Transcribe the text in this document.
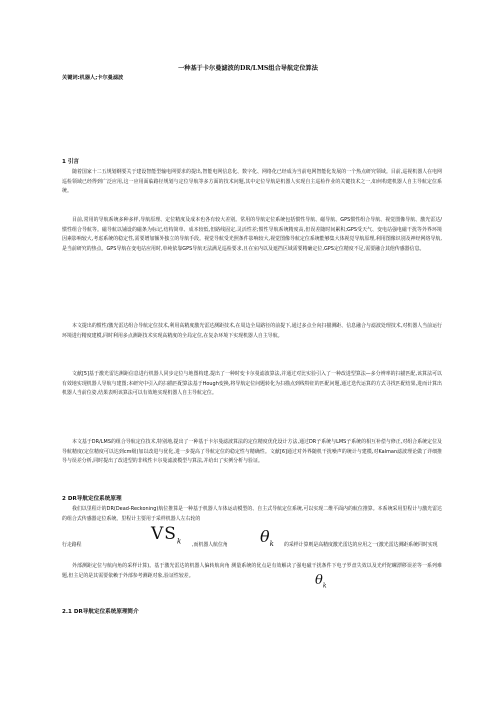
一种基于卡尔曼滤波的DR/LMS组合导航定位算法
关键词:机器人;卡尔曼滤波
1 引言
随着国家十二五规划纲要关于建设智能型输电网要求的提出,智能电网信息化、数字化、网络化已经成为当前电网智能化发展的一个热点研究领域。目前,巡视机器人在电网巡检领域已经得到广泛应用,这一应用面临路径规划与定位导航等多方面的技术问题,其中定位导航是机器人实现自主巡检作业的关键技术之一,如何构建机器人自主导航定位系统。
目前,常用的导航系统多种多样,导航原理、定位精度及成本也各有较大差别。常用的导航定位系统包括惯性导航、磁导航、GPS惯性组合导航、视觉图像导航、激光雷达/惯性组合导航等。磁导航以铺设的磁条为标记,结构简单、成本较低,但路线固定,灵活性差;惯性导航系统精度高,但误差随时间累积;GPS受天气、变电站强电磁干扰等外界环境因素影响较大,考虑系统的稳定性,需要增加额外独立的导航手段。视觉导航受光照条件影响较大,视觉图像导航定位系统能够集大体视觉导航原理,利用图像识别及神经网络导航,是当前研究的热点。GPS导航在变电站应用时,单纯依靠GPS导航无法满足巡检要求,且在室内以及遮挡区域需要精确定位,GPS定位精度不足,需要融合其他传感器信息。
本文提出的惯性/激光雷达组合导航定位技术,利用高精度激光雷达测距技术,在周边全局路径的前提下,通过多点全向扫描测距、信息融合与滤波处理技术,对机器人当前运行环境进行精度建模,同时利用多点测距技术实现高精度的全局定位,在复杂环境下实现机器人自主导航。
文献[5]基于激光雷达测距信息进行机器人同步定位与地图构建,提出了一种时变卡尔曼滤波算法,并通过对比实验引入了一种改进型算法—多分辨率的扫描匹配,该算法可以有效地实现机器人导航与建图;本研究中引入的扫描匹配算法基于Hough变换,将导航定位问题转化为扫描点到线特征的匹配问题,通过迭代运算的方式寻找匹配结果,进而计算出机器人当前位姿,结果表明该算法可以有效地实现机器人自主导航定位。
本文基于DR/LMS的组合导航定位技术,特别地,提出了一种基于卡尔曼滤波算法的定位精度优化设计方法,通过DR子系统与LMS子系统的相互补偿与修正,对组合系统定位及导航精度(定位精度可以达到cm级)加以改进与优化,进一步提高了导航定位的稳定性与精确性。文献[6]通过对外界随机干扰噪声的统计与建模,对Kalman滤波理论做了详细推导与误差分析,同时提出了改进型的非线性卡尔曼滤波模型与算法,并给出了实例分析与验证。
2 DR导航定位系统原理
我们以里程计的DR(Dead-Reckoning)航位推算是一种基于机器人车体运动模型的、自主式导航定位系统,可以实现二维平面内的航位推算。本系统采用里程计与激光雷达的组合式传感器定位系统。里程计主要用于采样机器人左右轮的
行走路程
$VS_k$ ,而机器人航位角 $\theta_k$ 的采样计算则是高精度激光雷达的应用之一(激光雷达测距系统同时实现
外部测距定位与航向角的采样计算)。基于激光雷达的机器人偏转航向角 测量系统的优点是有效解决了强电磁干扰条件下电子罗盘失效以及光纤陀螺漂移误差等一系列难题,但主足的是其需要依赖于外部参考测距对象,验证性较差。	$\theta_k$
2.1 DR导航定位系统原理简介
